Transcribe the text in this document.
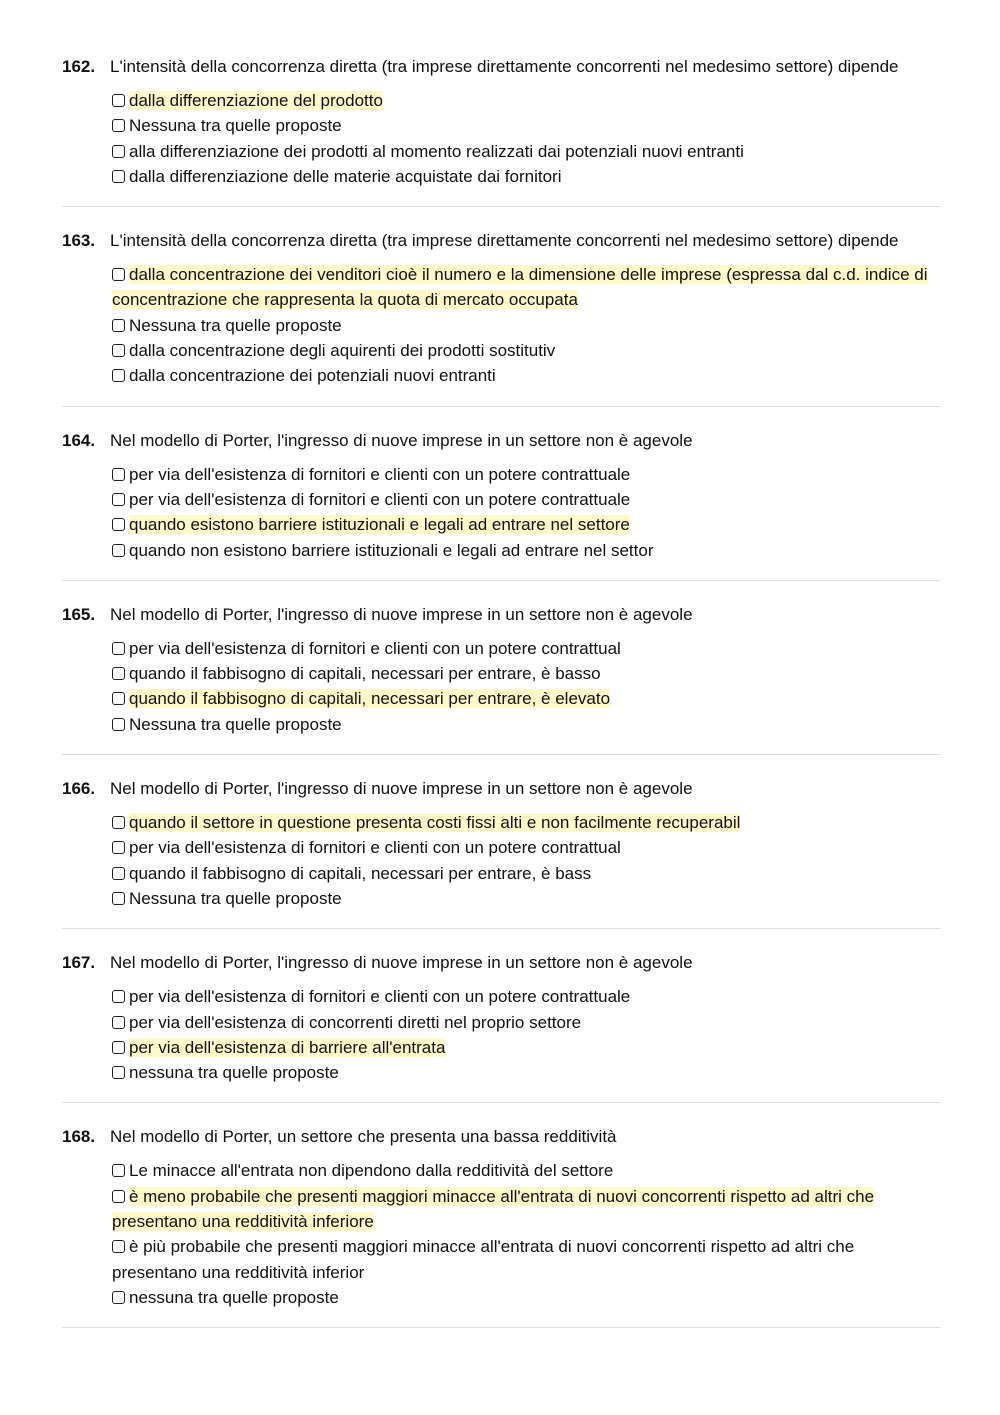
162. L'intensità della concorrenza diretta (tra imprese direttamente concorrenti nel medesimo settore) dipende
dalla differenziazione del prodotto
Nessuna tra quelle proposte
alla differenziazione dei prodotti al momento realizzati dai potenziali nuovi entranti
dalla differenziazione delle materie acquistate dai fornitori
163. L'intensità della concorrenza diretta (tra imprese direttamente concorrenti nel medesimo settore) dipende
dalla concentrazione dei venditori cioè il numero e la dimensione delle imprese (espressa dal c.d. indice di concentrazione che rappresenta la quota di mercato occupata
Nessuna tra quelle proposte
dalla concentrazione degli aquirenti dei prodotti sostitutiv
dalla concentrazione dei potenziali nuovi entranti
164. Nel modello di Porter, l'ingresso di nuove imprese in un settore non è agevole
per via dell'esistenza di fornitori e clienti con un potere contrattuale
per via dell'esistenza di fornitori e clienti con un potere contrattuale
quando esistono barriere istituzionali e legali ad entrare nel settore
quando non esistono barriere istituzionali e legali ad entrare nel settor
165. Nel modello di Porter, l'ingresso di nuove imprese in un settore non è agevole
per via dell'esistenza di fornitori e clienti con un potere contrattual
quando il fabbisogno di capitali, necessari per entrare, è basso
quando il fabbisogno di capitali, necessari per entrare, è elevato
Nessuna tra quelle proposte
166. Nel modello di Porter, l'ingresso di nuove imprese in un settore non è agevole
quando il settore in questione presenta costi fissi alti e non facilmente recuperabil
per via dell'esistenza di fornitori e clienti con un potere contrattual
quando il fabbisogno di capitali, necessari per entrare, è bass
Nessuna tra quelle proposte
167. Nel modello di Porter, l'ingresso di nuove imprese in un settore non è agevole
per via dell'esistenza di fornitori e clienti con un potere contrattuale
per via dell'esistenza di concorrenti diretti nel proprio settore
per via dell'esistenza di barriere all'entrata
nessuna tra quelle proposte
168. Nel modello di Porter, un settore che presenta una bassa redditività
Le minacce all'entrata non dipendono dalla redditività del settore
è meno probabile che presenti maggiori minacce all'entrata di nuovi concorrenti rispetto ad altri che presentano una redditività inferiore
è più probabile che presenti maggiori minacce all'entrata di nuovi concorrenti rispetto ad altri che presentano una redditività inferior
nessuna tra quelle proposte
